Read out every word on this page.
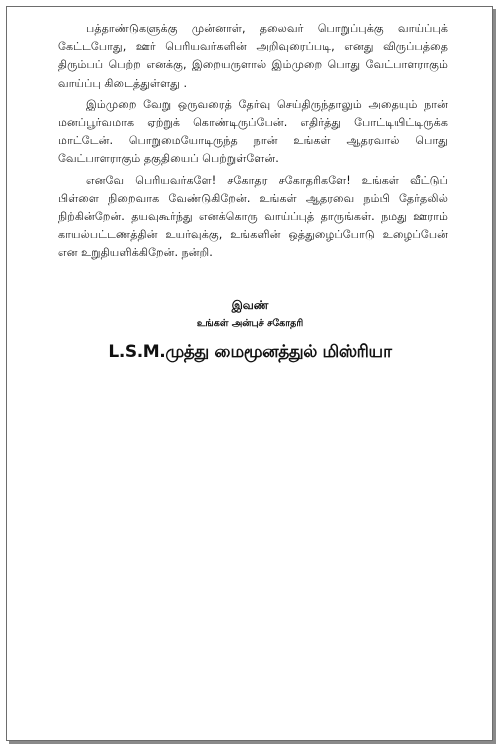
பத்தாண்டுகளுக்கு முன்னாள், தலைவர் பொறுப்புக்கு வாய்ப்புக் கேட்டபோது, ஊர் பெரியவர்களின் அறிவுரைப்படி, எனது விருப்பத்தை திரும்பப் பெற்ற எனக்கு, இறையருளால் இம்முறை பொது வேட்பாளராகும் வாய்ப்பு கிடைத்துள்ளது .

இம்முறை வேறு ஒருவரைத் தேர்வு செய்திருந்தாலும் அதையும் நான் மனப்பூர்வமாக ஏற்றுக் கொண்டிருப்பேன். எதிர்த்து போட்டியிட்டிருக்க மாட்டேன். பொறுமையோடிருந்த நான் உங்கள் ஆதரவால் பொது வேட்பாளராகும் தகுதியைப் பெற்றுள்ளேன்.

எனவே பெரியவர்களே! சகோதர சகோதரிகளே! உங்கள் வீட்டுப் பிள்ளை நிறைவாக வேண்டுகிறேன். உங்கள் ஆதரவை நம்பி தேர்தலில் நிற்கின்றேன். தயவுகூர்ந்து எனக்கொரு வாய்ப்புத் தாருங்கள். நமது ஊராம் காயல்பட்டணத்தின் உயர்வுக்கு, உங்களின் ஒத்துழைப்போடு உழைப்பேன் என உறுதியளிக்கிறேன். நன்றி.

இவண்
உங்கள் அன்புச் சகோதரி
L.S.M.முத்து மைமூனத்துல் மிஸ்ரியா
